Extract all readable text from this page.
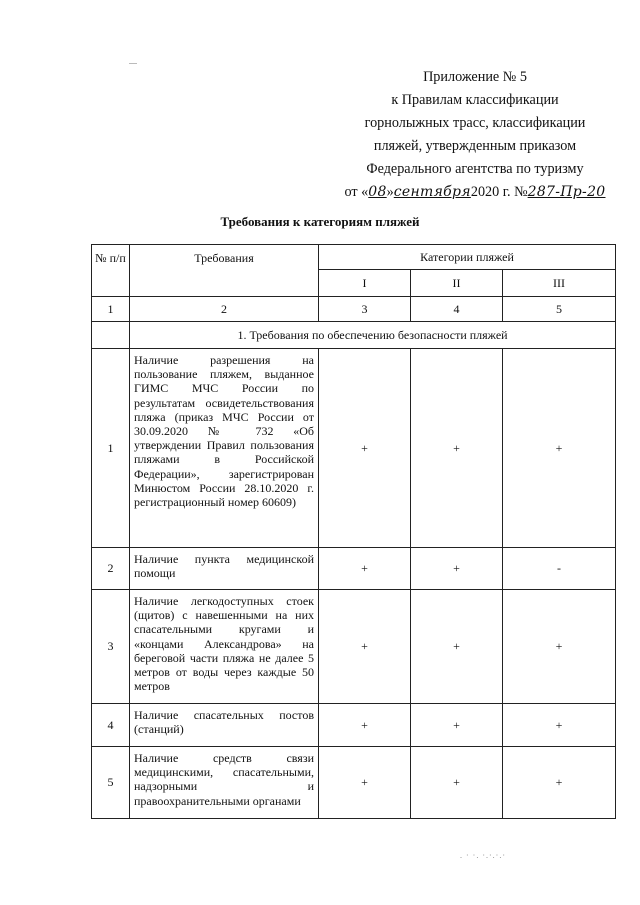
Приложение № 5
к Правилам классификации
горнолыжных трасс, классификации
пляжей, утвержденным приказом
Федерального агентства по туризму
от «08»сентября2020 г. №287-Пр-20
Требования к категориям пляжей
№ п/п	Требования	Категории пляжей		
		I	II	III
1	2	3	4	5
	1. Требования по обеспечению безопасности пляжей			
1	Наличие разрешения на пользование пляжем, выданное ГИМС МЧС России по результатам освидетельствования пляжа (приказ МЧС России от 30.09.2020 № 732 «Об утверждении Правил пользования пляжами в Российской Федерации», зарегистрирован Минюстом России 28.10.2020 г. регистрационный номер 60609)	+	+	+
2	Наличие пункта медицинской помощи	+	+	-
3	Наличие легкодоступных стоек (щитов) с навешенными на них спасательными кругами и «концами Александрова» на береговой части пляжа не далее 5 метров от воды через каждые 50 метров	+	+	+
4	Наличие спасательных постов (станций)	+	+	+
5	Наличие средств связи медицинскими, спасательными, надзорными и правоохранительными органами	+	+	+
. · ·. ·.·.·.·
